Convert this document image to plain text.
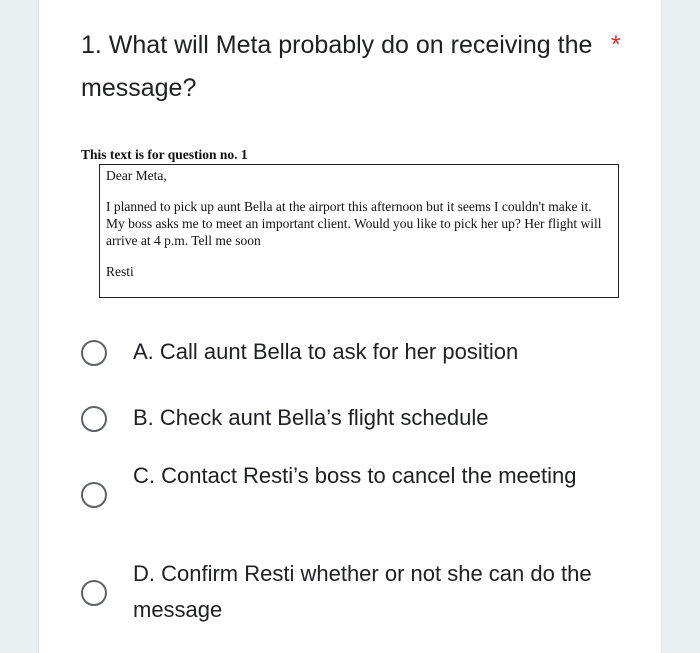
1. What will Meta probably do on receiving the message?
*
This text is for question no. 1

Dear Meta,

I planned to pick up aunt Bella at the airport this afternoon but it seems I couldn't make it. My boss asks me to meet an important client. Would you like to pick her up? Her flight will arrive at 4 p.m. Tell me soon

Resti

A. Call aunt Bella to ask for her position
B. Check aunt Bella’s flight schedule
C. Contact Resti’s boss to cancel the meeting
D. Confirm Resti whether or not she can do the message
